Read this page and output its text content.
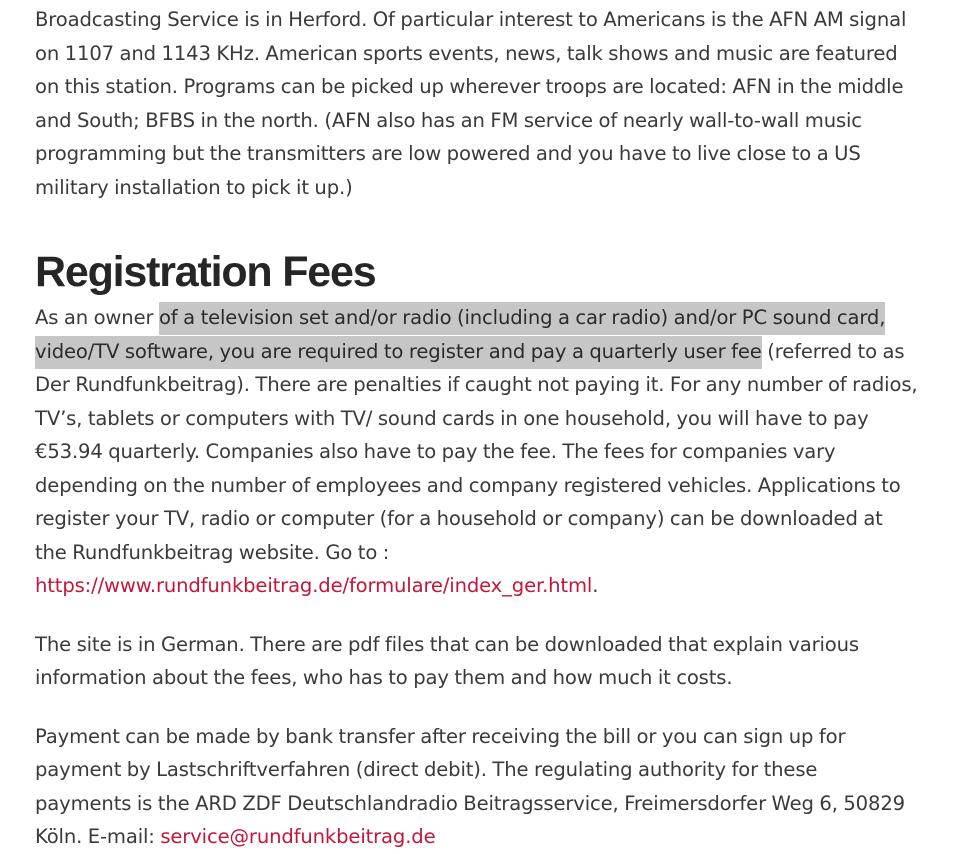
Broadcasting Service is in Herford. Of particular interest to Americans is the AFN AM signal on 1107 and 1143 KHz. American sports events, news, talk shows and music are featured on this station. Programs can be picked up wherever troops are located: AFN in the middle and South; BFBS in the north. (AFN also has an FM service of nearly wall-to-wall music programming but the transmitters are low powered and you have to live close to a US military installation to pick it up.)

Registration Fees

As an owner of a television set and/or radio (including a car radio) and/or PC sound card, video/TV software, you are required to register and pay a quarterly user fee (referred to as Der Rundfunkbeitrag). There are penalties if caught not paying it. For any number of radios, TV’s, tablets or computers with TV/ sound cards in one household, you will have to pay €53.94 quarterly. Companies also have to pay the fee. The fees for companies vary depending on the number of employees and company registered vehicles. Applications to register your TV, radio or computer (for a household or company) can be downloaded at the Rundfunkbeitrag website. Go to : https://www.rundfunkbeitrag.de/formulare/index_ger.html.

The site is in German. There are pdf files that can be downloaded that explain various information about the fees, who has to pay them and how much it costs.

Payment can be made by bank transfer after receiving the bill or you can sign up for payment by Lastschriftverfahren (direct debit). The regulating authority for these payments is the ARD ZDF Deutschlandradio Beitragsservice, Freimersdorfer Weg 6, 50829 Köln. E-mail: service@rundfunkbeitrag.de
